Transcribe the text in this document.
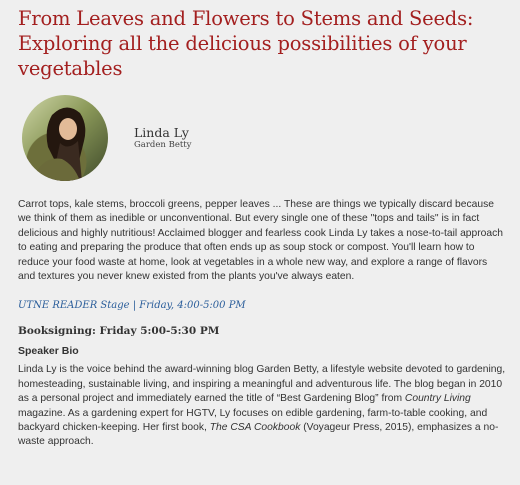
From Leaves and Flowers to Stems and Seeds: Exploring all the delicious possibilities of your vegetables
Linda Ly
Garden Betty

Carrot tops, kale stems, broccoli greens, pepper leaves ... These are things we typically discard because we think of them as inedible or unconventional. But every single one of these "tops and tails" is in fact delicious and highly nutritious! Acclaimed blogger and fearless cook Linda Ly takes a nose-to-tail approach to eating and preparing the produce that often ends up as soup stock or compost. You'll learn how to reduce your food waste at home, look at vegetables in a whole new way, and explore a range of flavors and textures you never knew existed from the plants you've always eaten.

UTNE READER Stage | Friday, 4:00-5:00 PM
Booksigning: Friday 5:00-5:30 PM
Speaker Bio

Linda Ly is the voice behind the award-winning blog Garden Betty, a lifestyle website devoted to gardening, homesteading, sustainable living, and inspiring a meaningful and adventurous life. The blog began in 2010 as a personal project and immediately earned the title of “Best Gardening Blog” from Country Living magazine. As a gardening expert for HGTV, Ly focuses on edible gardening, farm-to-table cooking, and backyard chicken-keeping. Her first book, The CSA Cookbook (Voyageur Press, 2015), emphasizes a no-waste approach.
